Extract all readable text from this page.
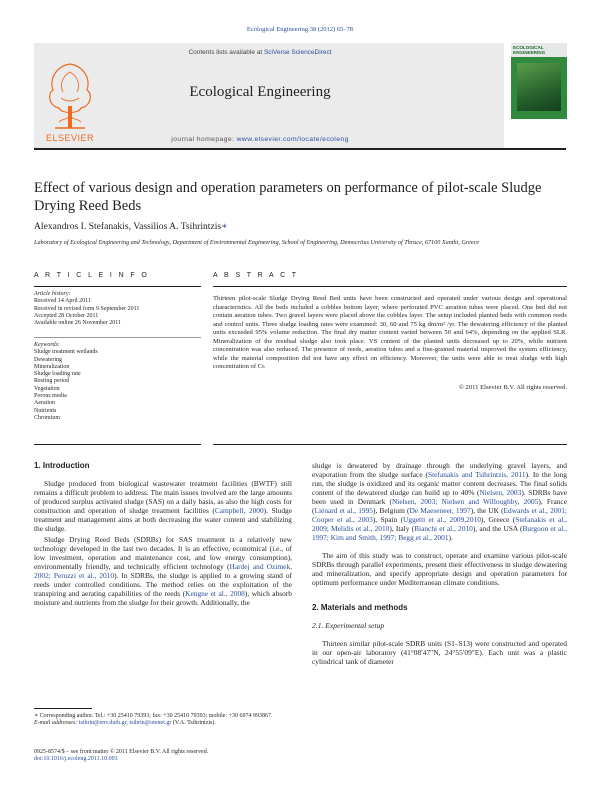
Ecological Engineering 38 (2012) 65–78
ELSEVIER
Contents lists available at SciVerse ScienceDirect
Ecological Engineering
journal homepage: www.elsevier.com/locate/ecoleng
ECOLOGICAL ENGINEERING
Effect of various design and operation parameters on performance of pilot-scale Sludge Drying Reed Beds
Alexandros I. Stefanakis, Vassilios A. Tsihrintzis∗
Laboratory of Ecological Engineering and Technology, Department of Environmental Engineering, School of Engineering, Democritus University of Thrace, 67100 Xanthi, Greece
A R T I C L E I N F O
Article history:
Received 14 April 2011
Received in revised form 9 September 2011
Accepted 28 October 2011
Available online 26 November 2011
Keywords:
Sludge treatment wetlands
Dewatering
Mineralization
Sludge loading rate
Resting period
Vegetation
Porous media
Aeration
Nutrients
Chromium
A B S T R A C T
Thirteen pilot-scale Sludge Drying Reed Bed units have been constructed and operated under various design and operational characteristics. All the beds included a cobbles bottom layer, where perforated PVC aeration tubes were placed. One bed did not contain aeration tubes. Two gravel layers were placed above the cobbles layer. The setup included planted beds with common reeds and control units. Three sludge loading rates were examined: 30, 60 and 75 kg dm/m² /yr. The dewatering efficiency of the planted units exceeded 95% volume reduction. The final dry matter content varied between 50 and 64%, depending on the applied SLR. Mineralization of the residual sludge also took place. VS content of the planted units decreased up to 20%, while nutrient concentration was also reduced. The presence of reeds, aeration tubes and a fine-grained material improved the system efficiency, while the material composition did not have any effect on efficiency. Moreover, the units were able to treat sludge with high concentration of Cr.
© 2011 Elsevier B.V. All rights reserved.
1. Introduction

Sludge produced from biological wastewater treatment facilities (BWTF) still remains a difficult problem to address. The main issues involved are the large amounts of produced surplus activated sludge (SAS) on a daily basis, as also the high costs for construction and operation of sludge treatment facilities (Campbell, 2000). Sludge treatment and management aims at both decreasing the water content and stabilizing the sludge.

Sludge Drying Reed Beds (SDRBs) for SAS treatment is a relatively new technology developed in the last two decades. It is an effective, economical (i.e., of low investment, operation and maintenance cost, and low energy consumption), environmentally friendly, and technically efficient technology (Hardej and Ozimek, 2002; Peruzzi et al., 2010). In SDRBs, the sludge is applied to a growing stand of reeds under controlled conditions. The method relies on the exploitation of the transpiring and aerating capabilities of the reeds (Kengne et al., 2008), which absorb moisture and nutrients from the sludge for their growth. Additionally, the

∗ Corresponding author. Tel.: +30 25410 79393; fax: +30 25410 79393; mobile: +30 6974 993867.
E-mail addresses: tsihrin@env.duth.gr, tsihrin@otenet.gr (V.A. Tsihrintzis).
0925-8574/$ – see front matter © 2011 Elsevier B.V. All rights reserved.
doi:10.1016/j.ecoleng.2011.10.003

sludge is dewatered by drainage through the underlying gravel layers, and evaporation from the sludge surface (Stefanakis and Tsihrintzis, 2011). In the long run, the sludge is oxidized and its organic matter content decreases. The final solids content of the dewatered sludge can build up to 40% (Nielsen, 2003). SDRBs have been used in Denmark (Nielsen, 2003; Nielsen and Willoughby, 2005), France (Liénard et al., 1995), Belgium (De Maeseneer, 1997), the UK (Edwards et al., 2001; Cooper et al., 2003), Spain (Uggetti et al., 2009,2010), Greece (Stefanakis et al., 2009; Melidis et al., 2010), Italy (Bianchi et al., 2010), and the USA (Burgoon et al., 1997; Kim and Smith, 1997; Begg et al., 2001).

The aim of this study was to construct, operate and examine various pilot-scale SDRBs through parallel experiments, present their effectiveness in sludge dewatering and mineralization, and specify appropriate design and operation parameters for optimum performance under Mediterranean climate conditions.

2. Materials and methods
2.1. Experimental setup

Thirteen similar pilot-scale SDRB units (S1–S13) were constructed and operated in our open-air laboratory (41°08′47″N, 24°55′09″E). Each unit was a plastic cylindrical tank of diameter
